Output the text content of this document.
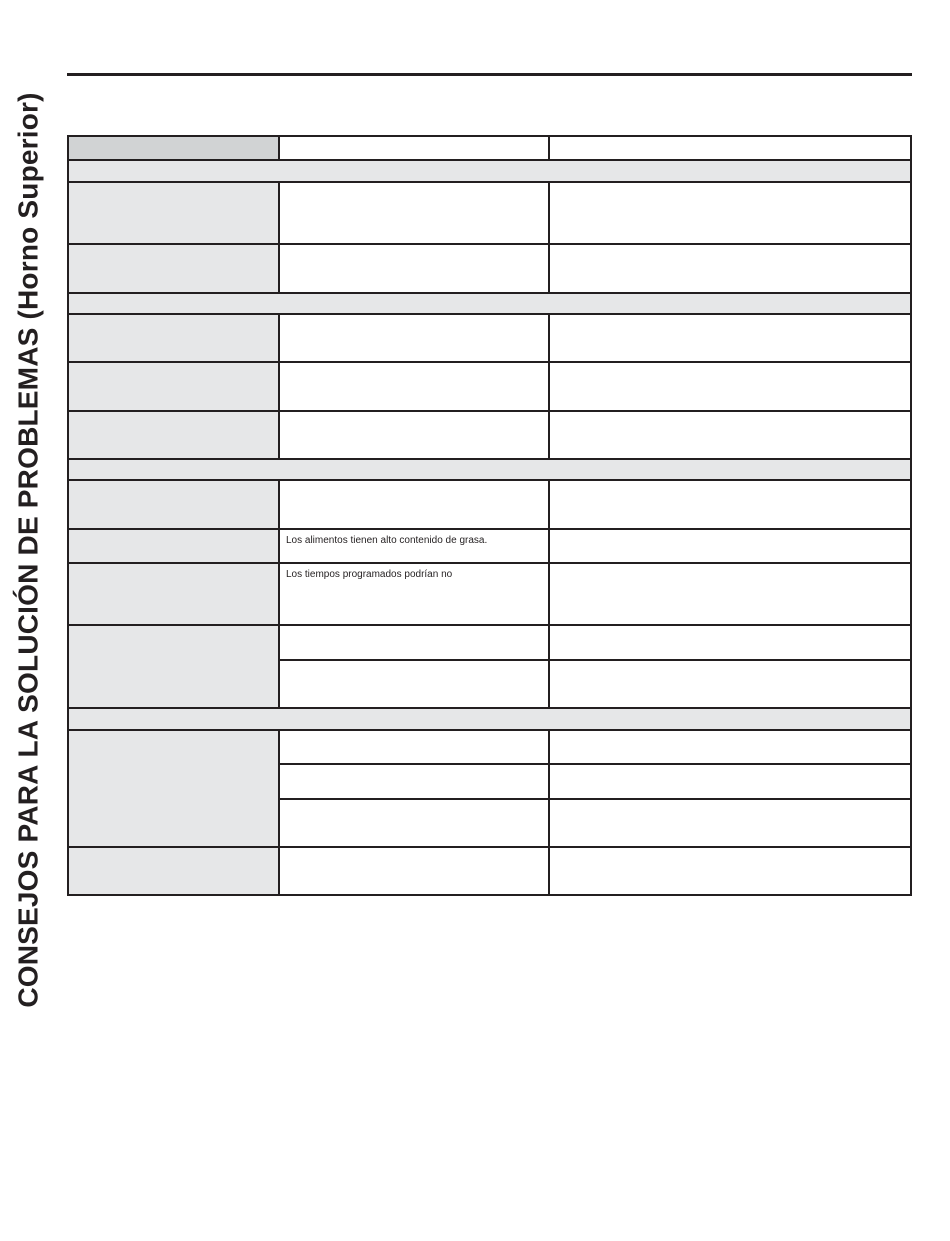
CONSEJOS PARA LA SOLUCIÓN DE PROBLEMAS (Horno Superior)	Los alimentos tienen alto contenido de grasa.
Los tiempos programados podrían no
